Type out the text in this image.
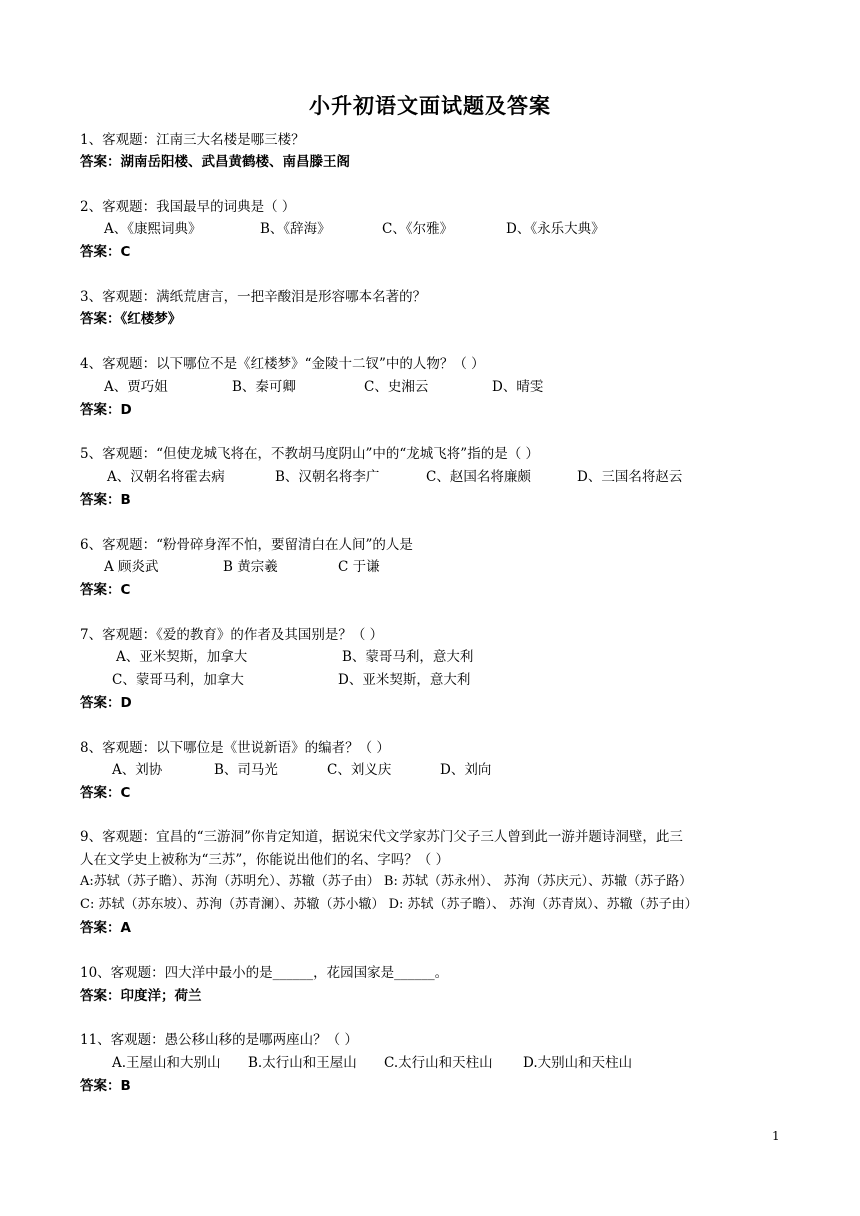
小升初语文面试题及答案
1、客观题：江南三大名楼是哪三楼？
答案：湖南岳阳楼、武昌黄鹤楼、南昌滕王阁
2、客观题：我国最早的词典是（ ）
A、《康熙词典》	B、《辞海》	C、《尔雅》	D、《永乐大典》
答案：C
3、客观题：满纸荒唐言，一把辛酸泪是形容哪本名著的？
答案：《红楼梦》
4、客观题：以下哪位不是《红楼梦》“金陵十二钗”中的人物？（ ）
A、贾巧姐	B、秦可卿	C、史湘云	D、晴雯
答案：D
5、客观题：“但使龙城飞将在，不教胡马度阴山”中的“龙城飞将”指的是（ ）
A、汉朝名将霍去病	B、汉朝名将李广	C、赵国名将廉颇	D、三国名将赵云
答案：B
6、客观题：“粉骨碎身浑不怕，要留清白在人间”的人是
A 顾炎武	B 黄宗羲	C 于谦
答案：C
7、客观题：《爱的教育》的作者及其国别是？（ ）
A、亚米契斯，加拿大	B、蒙哥马利，意大利
C、蒙哥马利，加拿大	D、亚米契斯，意大利
答案：D
8、客观题：以下哪位是《世说新语》的编者？（ ）
A、刘协	B、司马光	C、刘义庆	D、刘向
答案：C
9、客观题：宜昌的“三游洞”你肯定知道，据说宋代文学家苏门父子三人曾到此一游并题诗洞壁，此三
人在文学史上被称为“三苏”，你能说出他们的名、字吗？（ ）
A:苏轼（苏子瞻）、苏洵（苏明允）、苏辙（苏子由） B: 苏轼（苏永州）、 苏洵（苏庆元）、苏辙（苏子路）
C: 苏轼（苏东坡）、苏洵（苏青澜）、苏辙（苏小辙） D: 苏轼（苏子瞻）、 苏洵（苏青岚）、苏辙（苏子由）
答案：A
10、客观题：四大洋中最小的是______，花园国家是______。
答案：印度洋；荷兰
11、客观题：愚公移山移的是哪两座山？（ ）
A.王屋山和大别山 B.太行山和王屋山 C.太行山和天柱山 D.大别山和天柱山
答案：B
1
